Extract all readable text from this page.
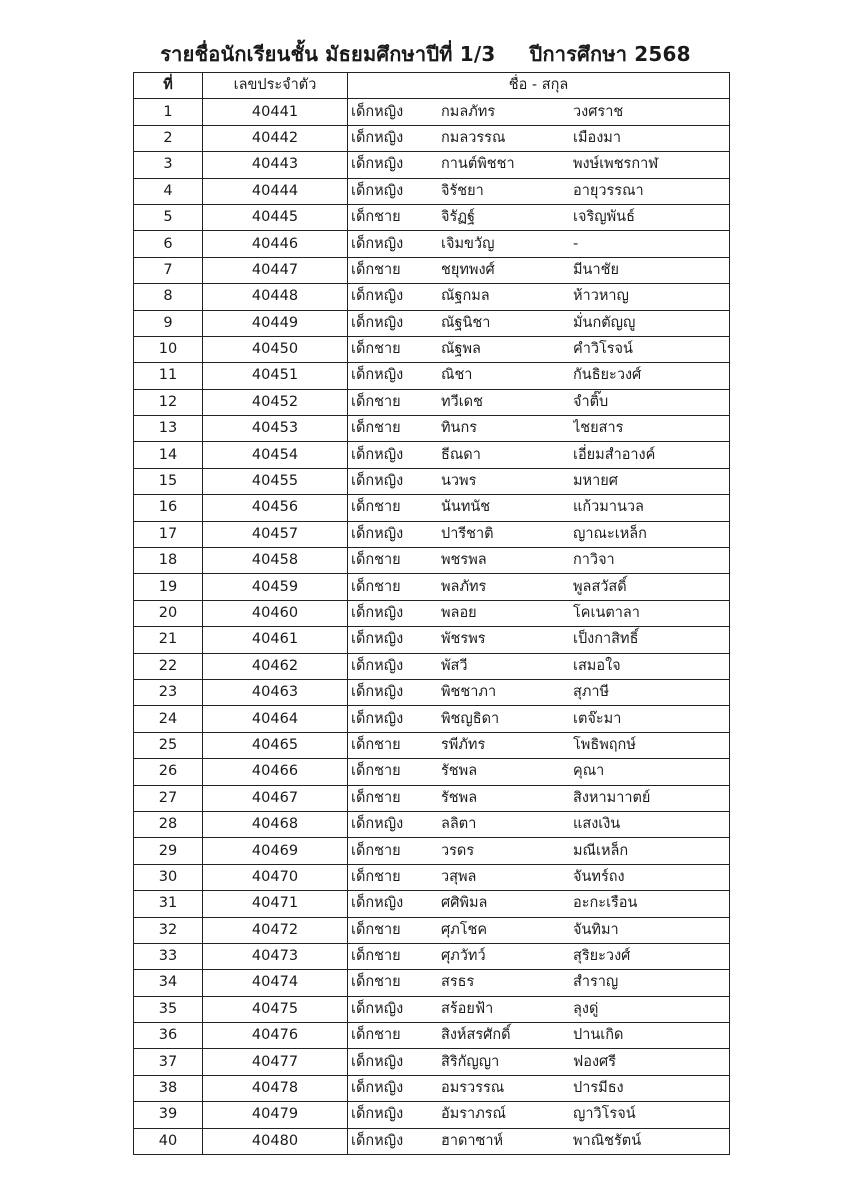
รายชื่อนักเรียนชั้น มัธยมศึกษาปีที่ 1/3 ปีการศึกษา 2568
ที่	เลขประจำตัว	ชื่อ - สกุล
1	40441	เด็กหญิง กมลภัทร วงศราช

2	40442	เด็กหญิง กมลวรรณ เมืองมา

3	40443	เด็กหญิง กานต์พิชชา พงษ์เพชรกาฬ

4	40444	เด็กหญิง จิรัชยา อายุวรรณา

5	40445	เด็กชาย จิรัฏฐ์ เจริญพันธ์

6	40446	เด็กหญิง เจิมขวัญ -

7	40447	เด็กชาย ชยุทพงศ์ มีนาชัย

8	40448	เด็กหญิง ณัฐกมล ห้าวหาญ

9	40449	เด็กหญิง ณัฐนิชา มั่นกตัญญู

10	40450	เด็กชาย ณัฐพล คำวิโรจน์

11	40451	เด็กหญิง ณิชา กันธิยะวงศ์

12	40452	เด็กชาย ทวีเดช จำติ๊บ

13	40453	เด็กชาย ทินกร ไชยสาร

14	40454	เด็กหญิง ธีณดา เอี่ยมสำอางค์

15	40455	เด็กหญิง นวพร มหายศ

16	40456	เด็กชาย นันทนัช แก้วมานวล

17	40457	เด็กหญิง ปารีชาติ ญาณะเหล็ก

18	40458	เด็กชาย พชรพล กาวิจา

19	40459	เด็กชาย พลภัทร พูลสวัสดิ์

20	40460	เด็กหญิง พลอย โคเนตาลา

21	40461	เด็กหญิง พัชรพร เป็งกาสิทธิ์

22	40462	เด็กหญิง พัสวี เสมอใจ

23	40463	เด็กหญิง พิชชาภา สุภาษี

24	40464	เด็กหญิง พิชญธิดา เตจ๊ะมา

25	40465	เด็กชาย รพีภัทร โพธิพฤกษ์

26	40466	เด็กชาย รัชพล คุณา

27	40467	เด็กชาย รัชพล สิงหามาาตย์

28	40468	เด็กหญิง ลลิตา แสงเงิน

29	40469	เด็กชาย วรดร มณีเหล็ก

30	40470	เด็กชาย วสุพล จันทร์ถง

31	40471	เด็กหญิง ศศิพิมล อะกะเรือน

32	40472	เด็กชาย ศุภโชค จันทิมา

33	40473	เด็กชาย ศุภวัทว์ สุริยะวงศ์

34	40474	เด็กชาย สรธร สำราญ

35	40475	เด็กหญิง สร้อยฟ้า ลุงดู่

36	40476	เด็กชาย สิงห์สรศักดิ์ ปานเกิด

37	40477	เด็กหญิง สิริกัญญา ฟองศรี

38	40478	เด็กหญิง อมรวรรณ ปารมีธง

39	40479	เด็กหญิง อัมราภรณ์ ญาวิโรจน์

40	40480	เด็กหญิง ฮาดาซาห์ พาณิชรัตน์
